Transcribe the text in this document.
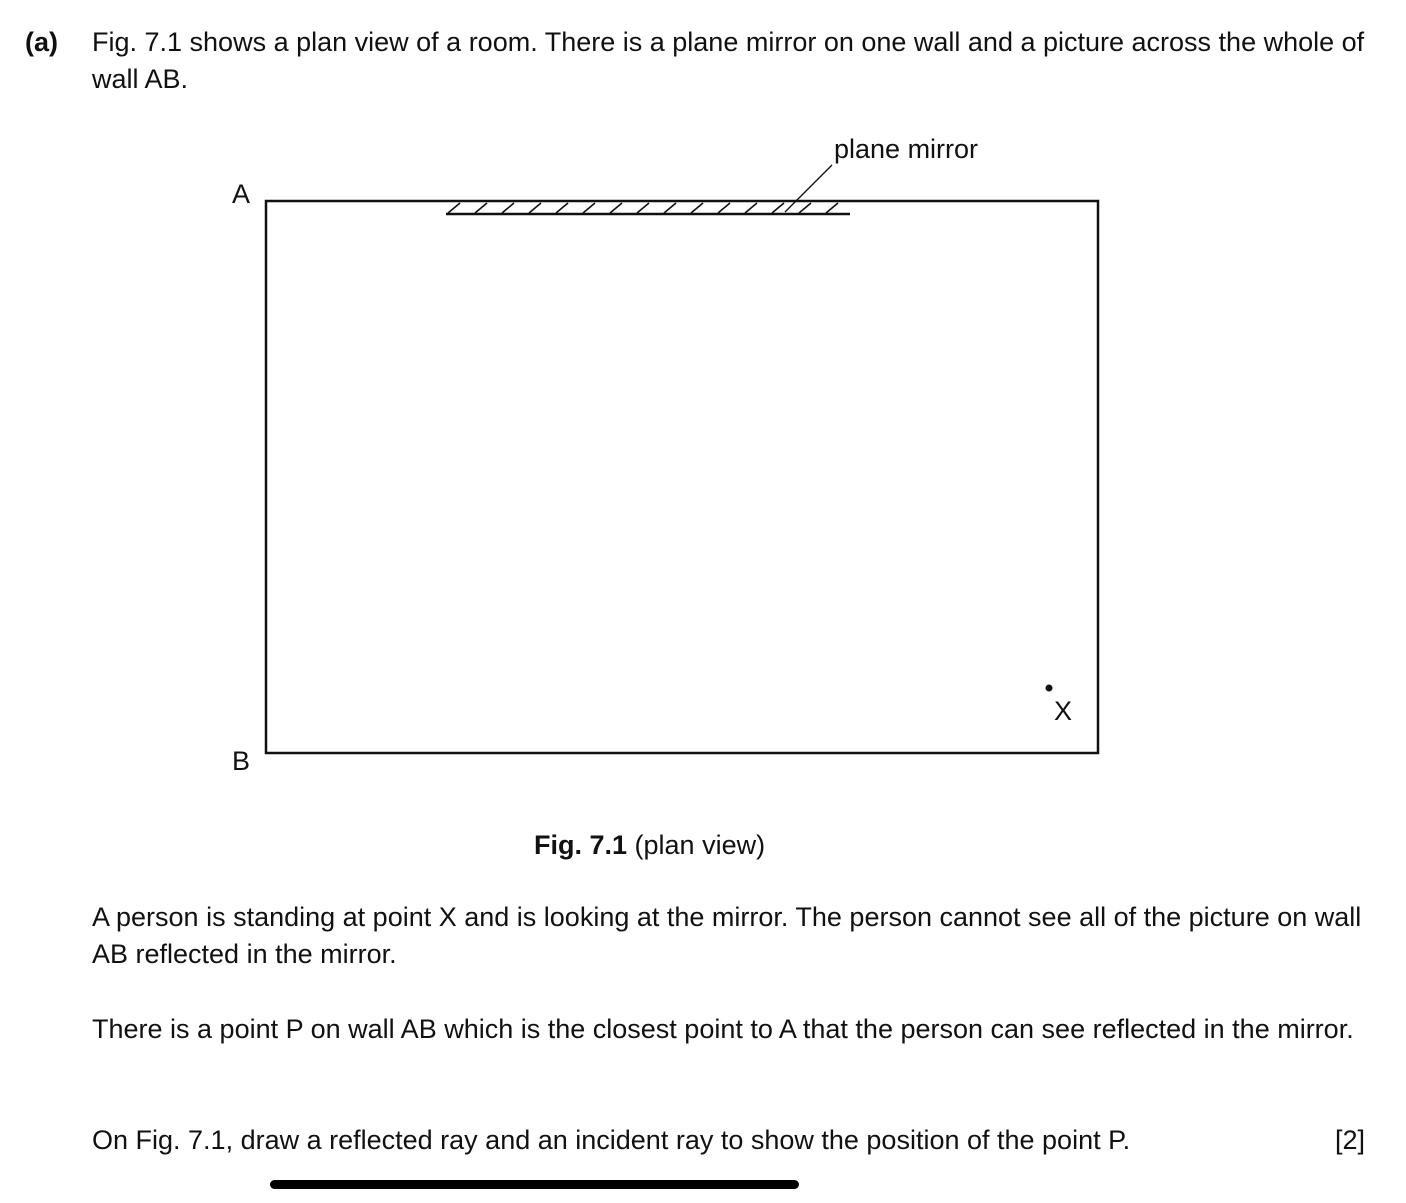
(a) Fig. 7.1 shows a plan view of a room. There is a plane mirror on one wall and a picture across the whole of wall AB.

plane mirror
A
B
X
Fig. 7.1 (plan view)

A person is standing at point X and is looking at the mirror. The person cannot see all of the picture on wall AB reflected in the mirror.

There is a point P on wall AB which is the closest point to A that the person can see reflected in the mirror.

On Fig. 7.1, draw a reflected ray and an incident ray to show the position of the point P.	[2]
